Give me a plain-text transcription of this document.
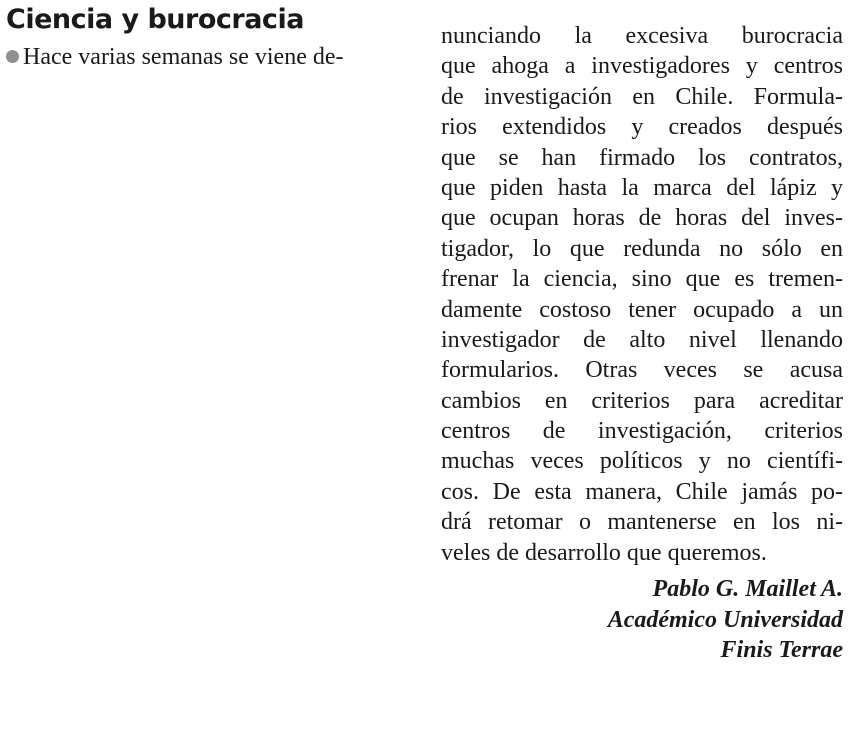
Ciencia y burocracia

Hace varias semanas se viene de-

nunciando la excesiva burocracia
que ahoga a investigadores y centros
de investigación en Chile. Formula-
rios extendidos y creados después
que se han firmado los contratos,
que piden hasta la marca del lápiz y
que ocupan horas de horas del inves-
tigador, lo que redunda no sólo en
frenar la ciencia, sino que es tremen-
damente costoso tener ocupado a un
investigador de alto nivel llenando
formularios. Otras veces se acusa
cambios en criterios para acreditar
centros de investigación, criterios
muchas veces políticos y no científi-
cos. De esta manera, Chile jamás po-
drá retomar o mantenerse en los ni-
veles de desarrollo que queremos.
Pablo G. Maillet A.
Académico Universidad
Finis Terrae
